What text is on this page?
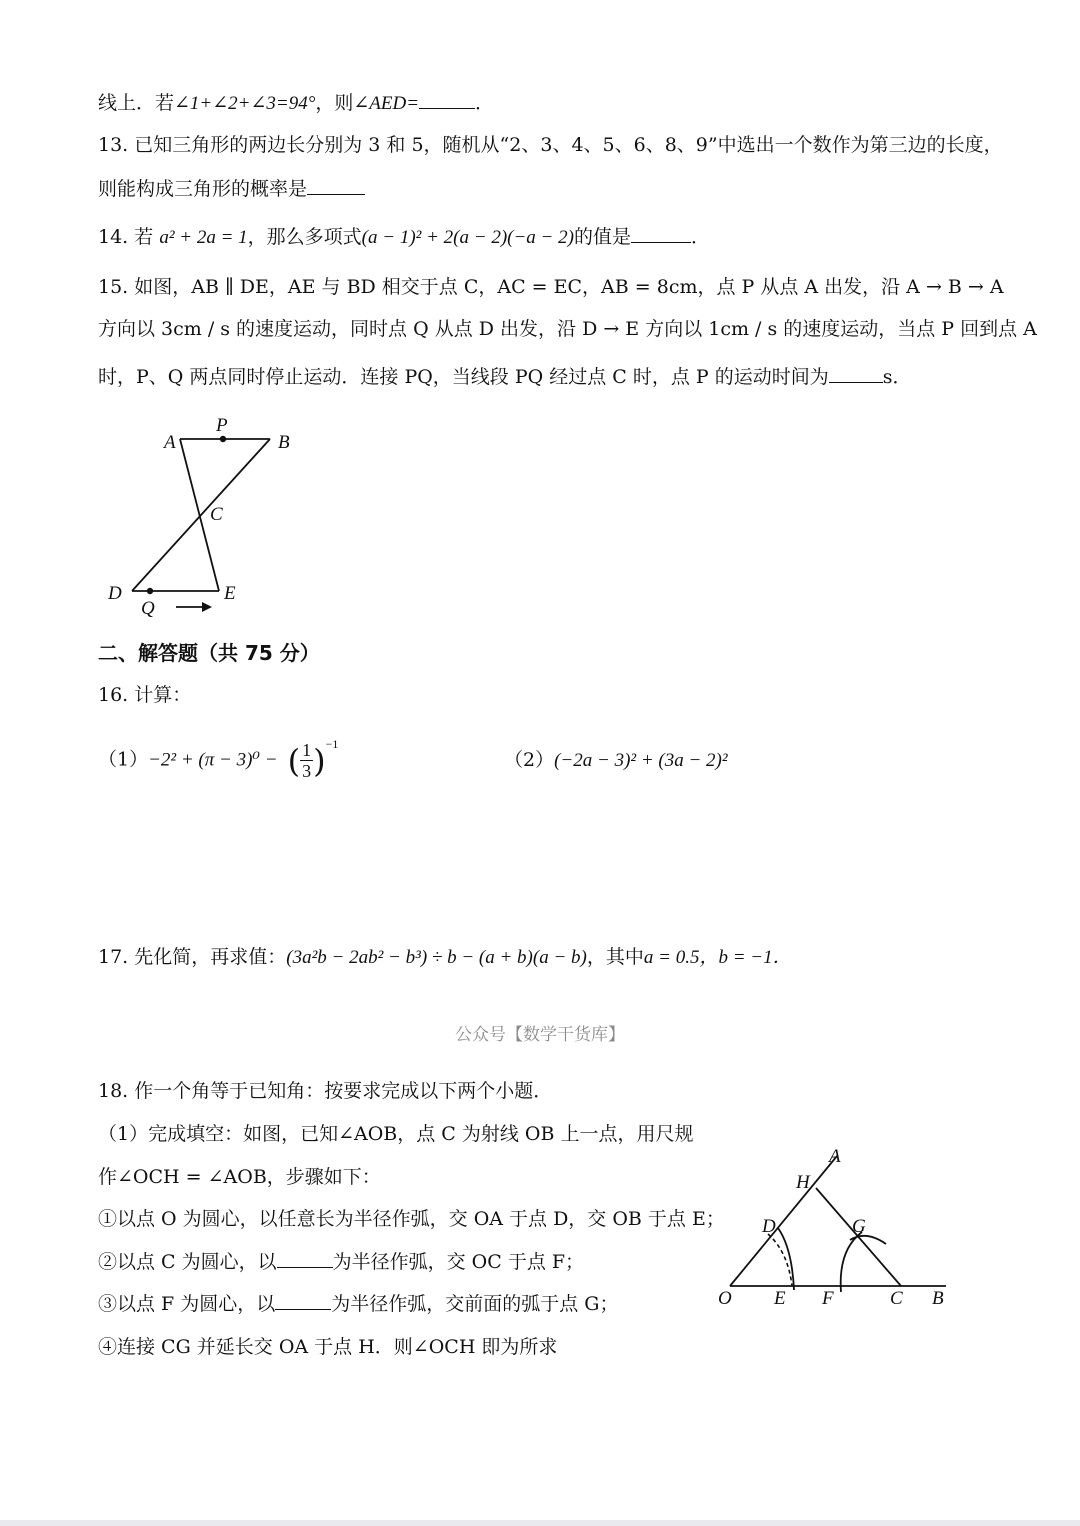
线上．若∠1+∠2+∠3=94°，则∠AED=	．
13. 已知三角形的两边长分别为 3 和 5，随机从“2、3、4、5、6、8、9”中选出一个数作为第三边的长度，
则能构成三角形的概率是
14. 若 a² + 2a = 1，那么多项式(a − 1)² + 2(a − 2)(−a − 2)的值是	．
15. 如图，AB ∥ DE，AE 与 BD 相交于点 C，AC = EC，AB = 8cm，点 P 从点 A 出发，沿 A → B → A
方向以 3cm / s 的速度运动，同时点 Q 从点 D 出发，沿 D → E 方向以 1cm / s 的速度运动，当点 P 回到点 A
时，P、Q 两点同时停止运动．连接 PQ，当线段 PQ 经过点 C 时，点 P 的运动时间为	s．
A
P
B
C
D
Q
E
二、解答题（共 75 分）
16. 计算：
（1）−2² + (π − 3)⁰ − ( $\frac{1}{3} )^{-1}$
（2）(−2a − 3)² + (3a − 2)²
17. 先化简，再求值：(3a²b − 2ab² − b³) ÷ b − (a + b)(a − b)，其中a = 0.5，b = −1．
公众号【数学干货库】
18. 作一个角等于已知角：按要求完成以下两个小题．
（1）完成填空：如图，已知∠AOB，点 C 为射线 OB 上一点，用尺规
作∠OCH = ∠AOB，步骤如下：
①以点 O 为圆心，以任意长为半径作弧，交 OA 于点 D，交 OB 于点 E；
②以点 C 为圆心，以	为半径作弧，交 OC 于点 F；
③以点 F 为圆心，以	为半径作弧，交前面的弧于点 G；
④连接 CG 并延长交 OA 于点 H．则∠OCH 即为所求
A
H
D	G
O E F	C B
